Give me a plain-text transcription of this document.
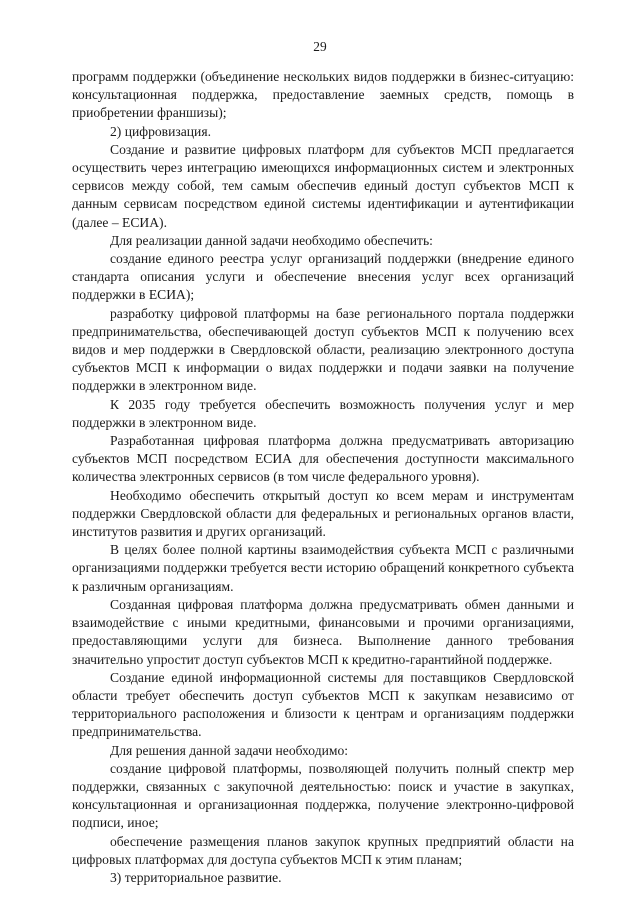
29

программ поддержки (объединение нескольких видов поддержки в бизнес-ситуацию: консультационная поддержка, предоставление заемных средств, помощь в приобретении франшизы);

2) цифровизация.

Создание и развитие цифровых платформ для субъектов МСП предлагается осуществить через интеграцию имеющихся информационных систем и электронных сервисов между собой, тем самым обеспечив единый доступ субъектов МСП к данным сервисам посредством единой системы идентификации и аутентификации (далее – ЕСИА).

Для реализации данной задачи необходимо обеспечить:

создание единого реестра услуг организаций поддержки (внедрение единого стандарта описания услуги и обеспечение внесения услуг всех организаций поддержки в ЕСИА);

разработку цифровой платформы на базе регионального портала поддержки предпринимательства, обеспечивающей доступ субъектов МСП к получению всех видов и мер поддержки в Свердловской области, реализацию электронного доступа субъектов МСП к информации о видах поддержки и подачи заявки на получение поддержки в электронном виде.

К 2035 году требуется обеспечить возможность получения услуг и мер поддержки в электронном виде.

Разработанная цифровая платформа должна предусматривать авторизацию субъектов МСП посредством ЕСИА для обеспечения доступности максимального количества электронных сервисов (в том числе федерального уровня).

Необходимо обеспечить открытый доступ ко всем мерам и инструментам поддержки Свердловской области для федеральных и региональных органов власти, институтов развития и других организаций.

В целях более полной картины взаимодействия субъекта МСП с различными организациями поддержки требуется вести историю обращений конкретного субъекта к различным организациям.

Созданная цифровая платформа должна предусматривать обмен данными и взаимодействие с иными кредитными, финансовыми и прочими организациями, предоставляющими услуги для бизнеса. Выполнение данного требования значительно упростит доступ субъектов МСП к кредитно-гарантийной поддержке.

Создание единой информационной системы для поставщиков Свердловской области требует обеспечить доступ субъектов МСП к закупкам независимо от территориального расположения и близости к центрам и организациям поддержки предпринимательства.

Для решения данной задачи необходимо:

создание цифровой платформы, позволяющей получить полный спектр мер поддержки, связанных с закупочной деятельностью: поиск и участие в закупках, консультационная и организационная поддержка, получение электронно-цифровой подписи, иное;

обеспечение размещения планов закупок крупных предприятий области на цифровых платформах для доступа субъектов МСП к этим планам;

3) территориальное развитие.
